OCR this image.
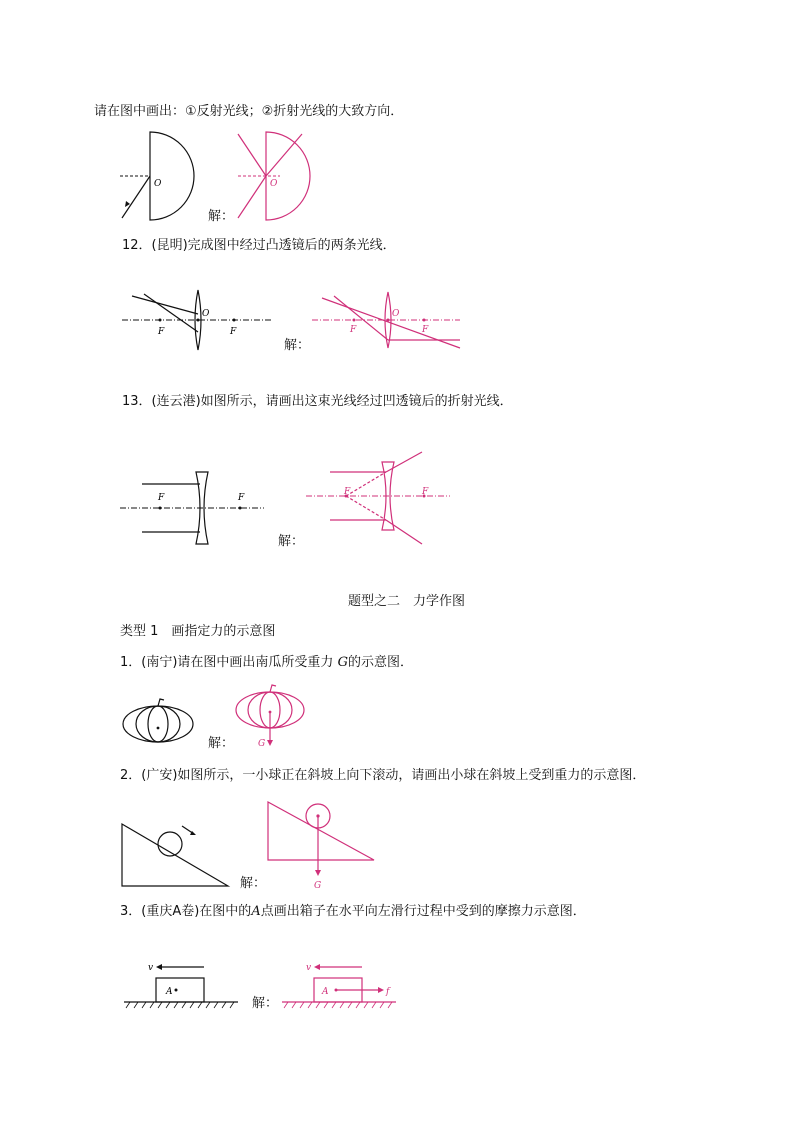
请在图中画出：①反射光线；②折射光线的大致方向．
O
解：
O
12．(昆明)完成图中经过凸透镜后的两条光线．
F
O
F
解：
F
O
F
13．(连云港)如图所示，请画出这束光线经过凹透镜后的折射光线．
F	F
解：
F	F
题型之二　力学作图
类型 1　画指定力的示意图
1．(南宁)请在图中画出南瓜所受重力 G的示意图．
解：	G
2．(广安)如图所示，一小球正在斜坡上向下滚动，请画出小球在斜坡上受到重力的示意图．
解：	G
3．(重庆A卷)在图中的A点画出箱子在水平向左滑行过程中受到的摩擦力示意图．
A
v
解：
A	f
v
